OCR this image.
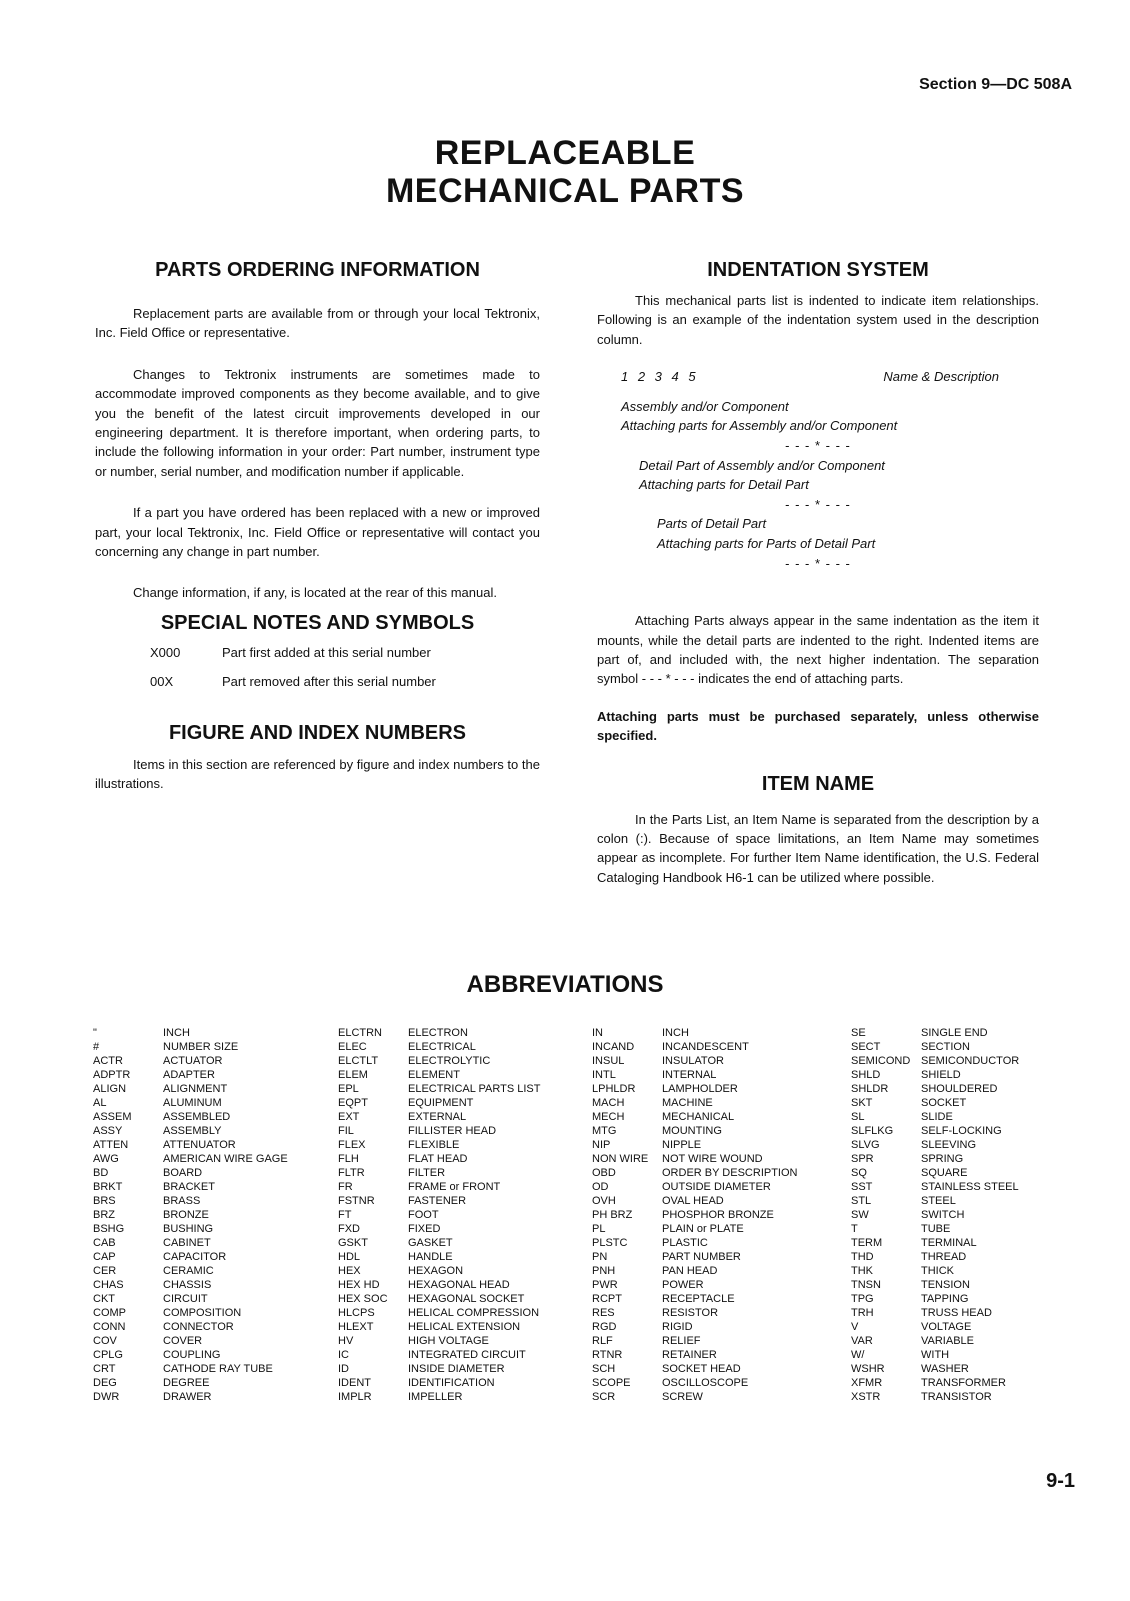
Section 9—DC 508A
REPLACEABLE
MECHANICAL PARTS
PARTS ORDERING INFORMATION

Replacement parts are available from or through your local Tektronix, Inc. Field Office or representative.

Changes to Tektronix instruments are sometimes made to accommodate improved components as they become available, and to give you the benefit of the latest circuit improvements developed in our engineering department. It is therefore important, when ordering parts, to include the following information in your order: Part number, instrument type or number, serial number, and modification number if applicable.

If a part you have ordered has been replaced with a new or improved part, your local Tektronix, Inc. Field Office or representative will contact you concerning any change in part number.

Change information, if any, is located at the rear of this manual.

SPECIAL NOTES AND SYMBOLS
X000	Part first added at this serial number
00X	Part removed after this serial number
FIGURE AND INDEX NUMBERS

Items in this section are referenced by figure and index numbers to the illustrations.

INDENTATION SYSTEM

This mechanical parts list is indented to indicate item relationships. Following is an example of the indentation system used in the description column.

1 2 3 4 5	Name & Description
Assembly and/or Component
Attaching parts for Assembly and/or Component
- - - * - - -
Detail Part of Assembly and/or Component
Attaching parts for Detail Part
- - - * - - -
Parts of Detail Part
Attaching parts for Parts of Detail Part
- - - * - - -

Attaching Parts always appear in the same indentation as the item it mounts, while the detail parts are indented to the right. Indented items are part of, and included with, the next higher indentation. The separation symbol - - - * - - - indicates the end of attaching parts.

Attaching parts must be purchased separately, unless otherwise specified.

ITEM NAME

In the Parts List, an Item Name is separated from the description by a colon (:). Because of space limitations, an Item Name may sometimes appear as incomplete. For further Item Name identification, the U.S. Federal Cataloging Handbook H6-1 can be utilized where possible.

ABBREVIATIONS
"	INCH
#	NUMBER SIZE
ACTR	ACTUATOR
ADPTR	ADAPTER
ALIGN	ALIGNMENT
AL	ALUMINUM
ASSEM	ASSEMBLED
ASSY	ASSEMBLY
ATTEN	ATTENUATOR
AWG	AMERICAN WIRE GAGE
BD	BOARD
BRKT	BRACKET
BRS	BRASS
BRZ	BRONZE
BSHG	BUSHING
CAB	CABINET
CAP	CAPACITOR
CER	CERAMIC
CHAS	CHASSIS
CKT	CIRCUIT
COMP	COMPOSITION
CONN	CONNECTOR
COV	COVER
CPLG	COUPLING
CRT	CATHODE RAY TUBE
DEG	DEGREE
DWR	DRAWER
ELCTRN	ELECTRON
ELEC	ELECTRICAL
ELCTLT	ELECTROLYTIC
ELEM	ELEMENT
EPL	ELECTRICAL PARTS LIST
EQPT	EQUIPMENT
EXT	EXTERNAL
FIL	FILLISTER HEAD
FLEX	FLEXIBLE
FLH	FLAT HEAD
FLTR	FILTER
FR	FRAME or FRONT
FSTNR	FASTENER
FT	FOOT
FXD	FIXED
GSKT	GASKET
HDL	HANDLE
HEX	HEXAGON
HEX HD	HEXAGONAL HEAD
HEX SOC	HEXAGONAL SOCKET
HLCPS	HELICAL COMPRESSION
HLEXT	HELICAL EXTENSION
HV	HIGH VOLTAGE
IC	INTEGRATED CIRCUIT
ID	INSIDE DIAMETER
IDENT	IDENTIFICATION
IMPLR	IMPELLER
IN	INCH
INCAND	INCANDESCENT
INSUL	INSULATOR
INTL	INTERNAL
LPHLDR	LAMPHOLDER
MACH	MACHINE
MECH	MECHANICAL
MTG	MOUNTING
NIP	NIPPLE
NON WIRE	NOT WIRE WOUND
OBD	ORDER BY DESCRIPTION
OD	OUTSIDE DIAMETER
OVH	OVAL HEAD
PH BRZ	PHOSPHOR BRONZE
PL	PLAIN or PLATE
PLSTC	PLASTIC
PN	PART NUMBER
PNH	PAN HEAD
PWR	POWER
RCPT	RECEPTACLE
RES	RESISTOR
RGD	RIGID
RLF	RELIEF
RTNR	RETAINER
SCH	SOCKET HEAD
SCOPE	OSCILLOSCOPE
SCR	SCREW
SE	SINGLE END
SECT	SECTION
SEMICOND SEMICONDUCTOR
SHLD	SHIELD
SHLDR	SHOULDERED
SKT	SOCKET
SL	SLIDE
SLFLKG	SELF-LOCKING
SLVG	SLEEVING
SPR	SPRING
SQ	SQUARE
SST	STAINLESS STEEL
STL	STEEL
SW	SWITCH
T	TUBE
TERM	TERMINAL
THD	THREAD
THK	THICK
TNSN	TENSION
TPG	TAPPING
TRH	TRUSS HEAD
V	VOLTAGE
VAR	VARIABLE
W/	WITH
WSHR	WASHER
XFMR	TRANSFORMER
XSTR	TRANSISTOR
9-1
